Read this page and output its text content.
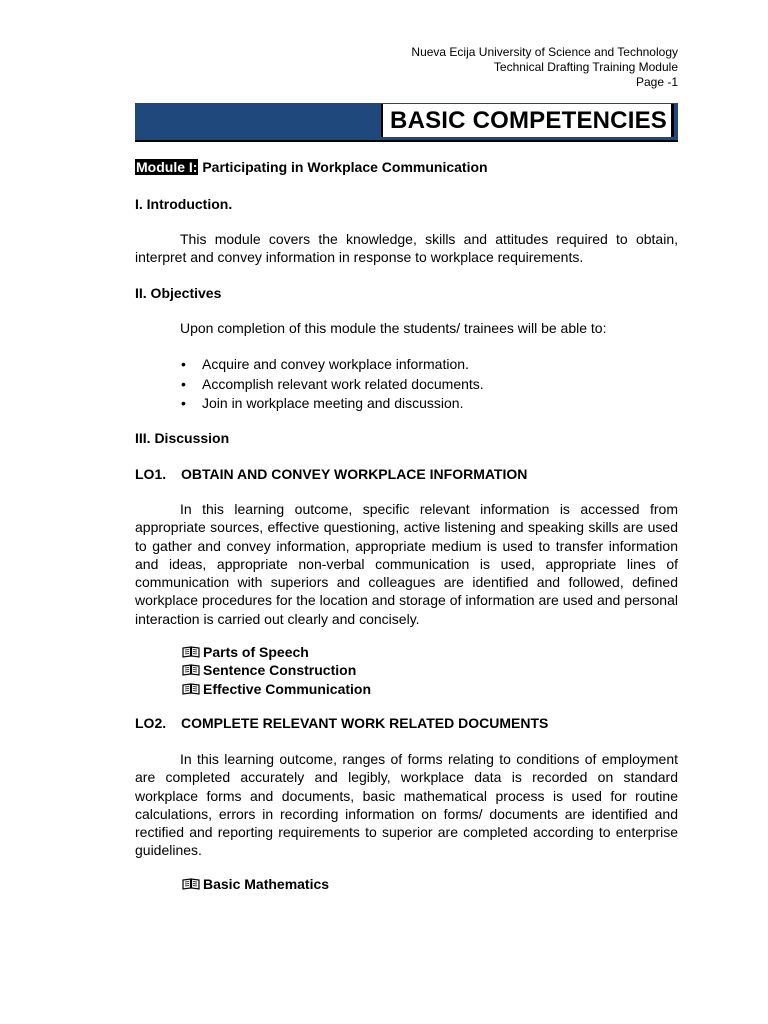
Nueva Ecija University of Science and Technology
Technical Drafting Training Module
Page -1
BASIC COMPETENCIES
Module I: Participating in Workplace Communication
I. Introduction.
This module covers the knowledge, skills and attitudes required to obtain, interpret and convey information in response to workplace requirements.
II. Objectives
Upon completion of this module the students/ trainees will be able to:
• Acquire and convey workplace information.
• Accomplish relevant work related documents.
• Join in workplace meeting and discussion.
III. Discussion
LO1. OBTAIN AND CONVEY WORKPLACE INFORMATION
In this learning outcome, specific relevant information is accessed from appropriate sources, effective questioning, active listening and speaking skills are used to gather and convey information, appropriate medium is used to transfer information and ideas, appropriate non-verbal communication is used, appropriate lines of communication with superiors and colleagues are identified and followed, defined workplace procedures for the location and storage of information are used and personal interaction is carried out clearly and concisely.
Parts of Speech
Sentence Construction
Effective Communication
LO2. COMPLETE RELEVANT WORK RELATED DOCUMENTS
In this learning outcome, ranges of forms relating to conditions of employment are completed accurately and legibly, workplace data is recorded on standard workplace forms and documents, basic mathematical process is used for routine calculations, errors in recording information on forms/ documents are identified and rectified and reporting requirements to superior are completed according to enterprise guidelines.
Basic Mathematics
